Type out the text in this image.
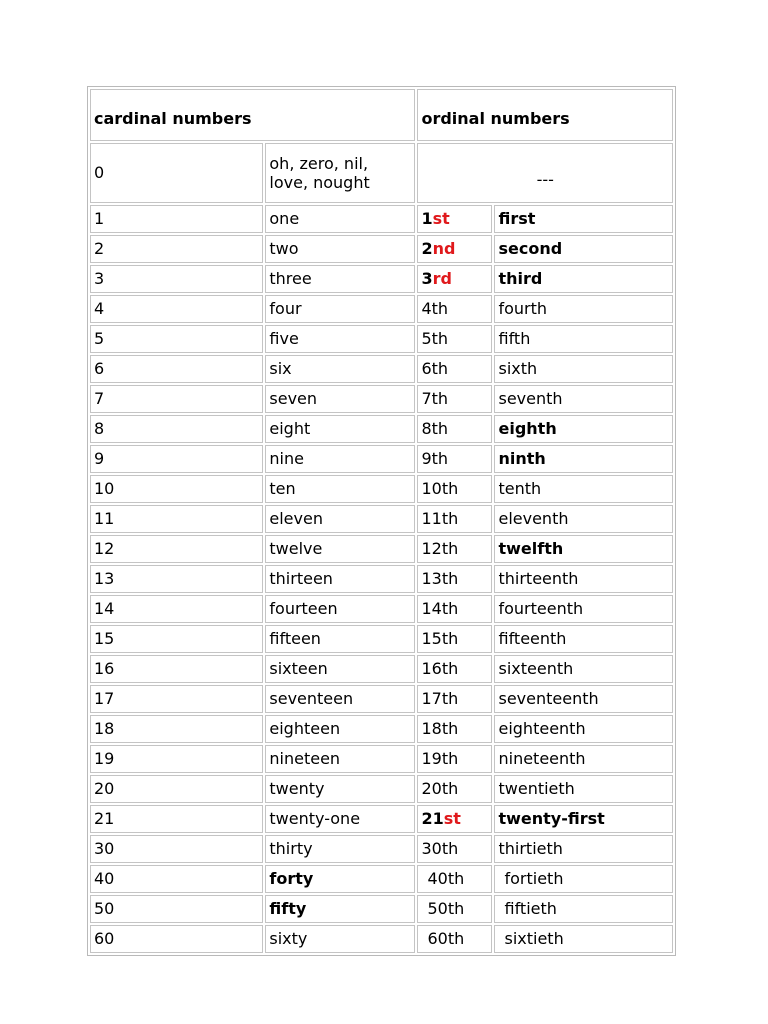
cardinal numbers		ordinal numbers	
0	oh, zero, nil, love, nought	---	
1	one	1st	first
2	two	2nd	second
3	three	3rd	third
4	four	4th	fourth
5	five	5th	fifth
6	six	6th	sixth
7	seven	7th	seventh
8	eight	8th	eighth
9	nine	9th	ninth
10	ten	10th	tenth
11	eleven	11th	eleventh
12	twelve	12th	twelfth
13	thirteen	13th	thirteenth
14	fourteen	14th	fourteenth
15	fifteen	15th	fifteenth
16	sixteen	16th	sixteenth
17	seventeen	17th	seventeenth
18	eighteen	18th	eighteenth
19	nineteen	19th	nineteenth
20	twenty	20th	twentieth
21	twenty-one	21st	twenty-first
30	thirty	30th	thirtieth
40	forty	40th	fortieth
50	fifty	50th	fiftieth
60	sixty	60th	sixtieth
